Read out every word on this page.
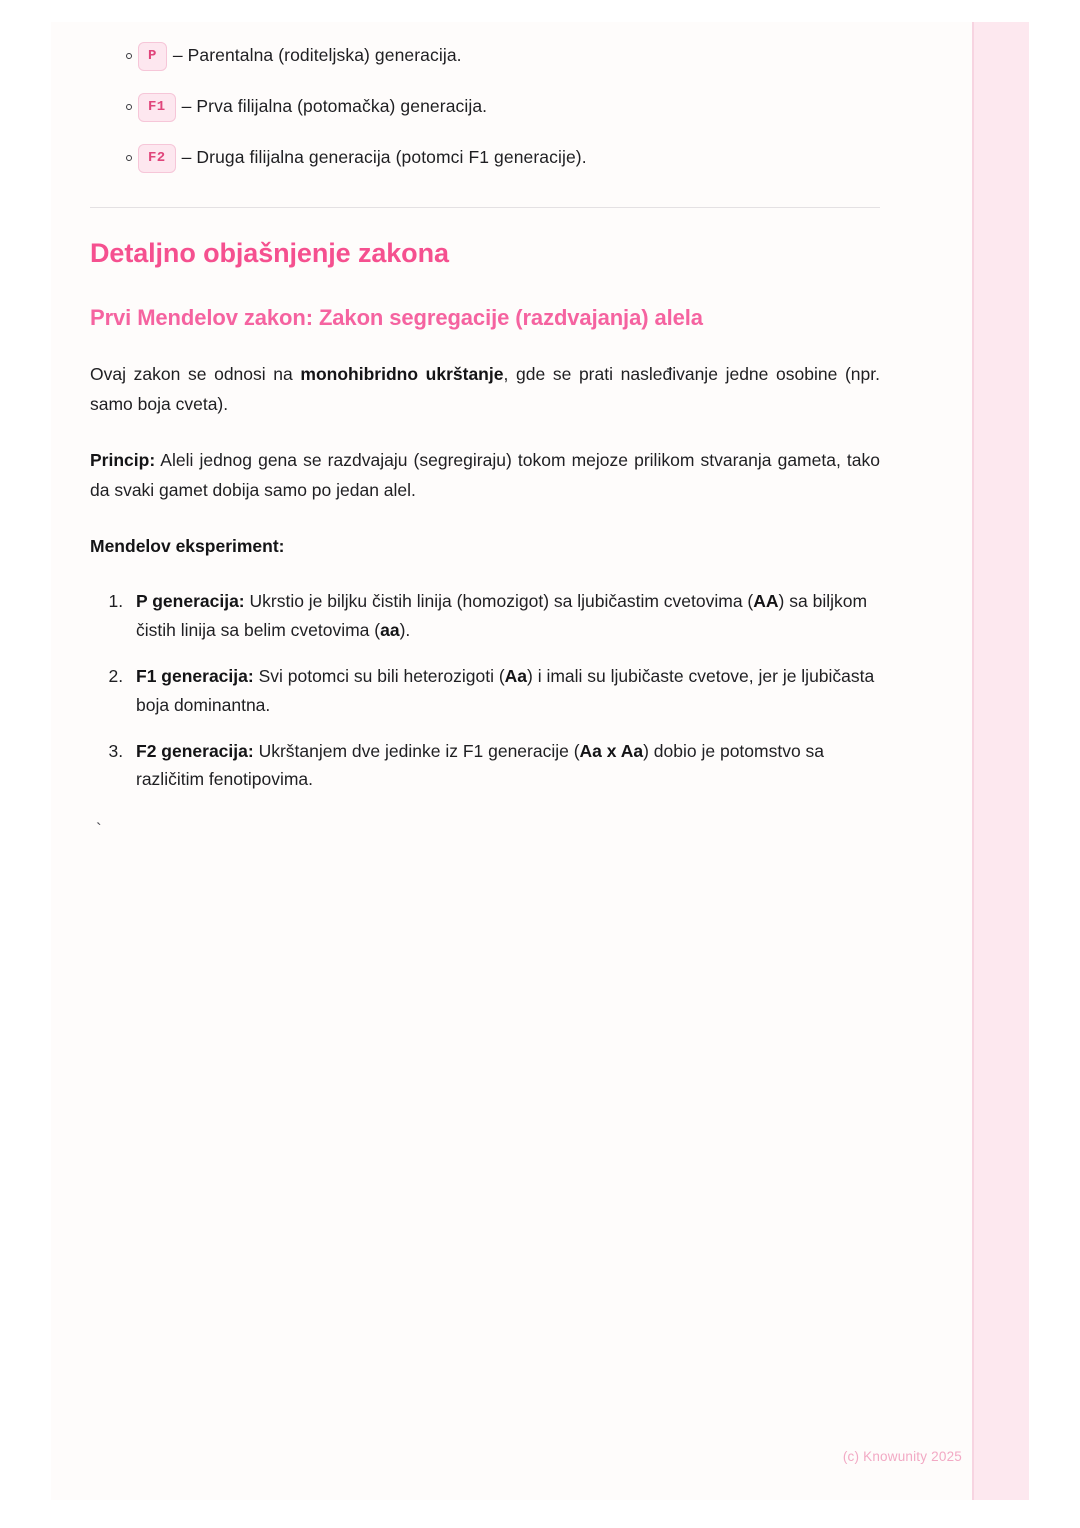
P – Parentalna (roditeljska) generacija.
F1 – Prva filijalna (potomačka) generacija.
F2 – Druga filijalna generacija (potomci F1 generacije).
Detaljno objašnjenje zakona
Prvi Mendelov zakon: Zakon segregacije (razdvajanja) alela

Ovaj zakon se odnosi na monohibridno ukrštanje, gde se prati nasleđivanje jedne osobine (npr. samo boja cveta).

Princip: Aleli jednog gena se razdvajaju (segregiraju) tokom mejoze prilikom stvaranja gameta, tako da svaki gamet dobija samo po jedan alel.

Mendelov eksperiment:

1. P generacija: Ukrstio je biljku čistih linija (homozigot) sa ljubičastim cvetovima (AA) sa biljkom čistih linija sa belim cvetovima (aa).
2. F1 generacija: Svi potomci su bili heterozigoti (Aa) i imali su ljubičaste cvetove, jer je ljubičasta boja dominantna.
3. F2 generacija: Ukrštanjem dve jedinke iz F1 generacije (Aa x Aa) dobio je potomstvo sa različitim fenotipovima.
`
(c) Knowunity 2025
